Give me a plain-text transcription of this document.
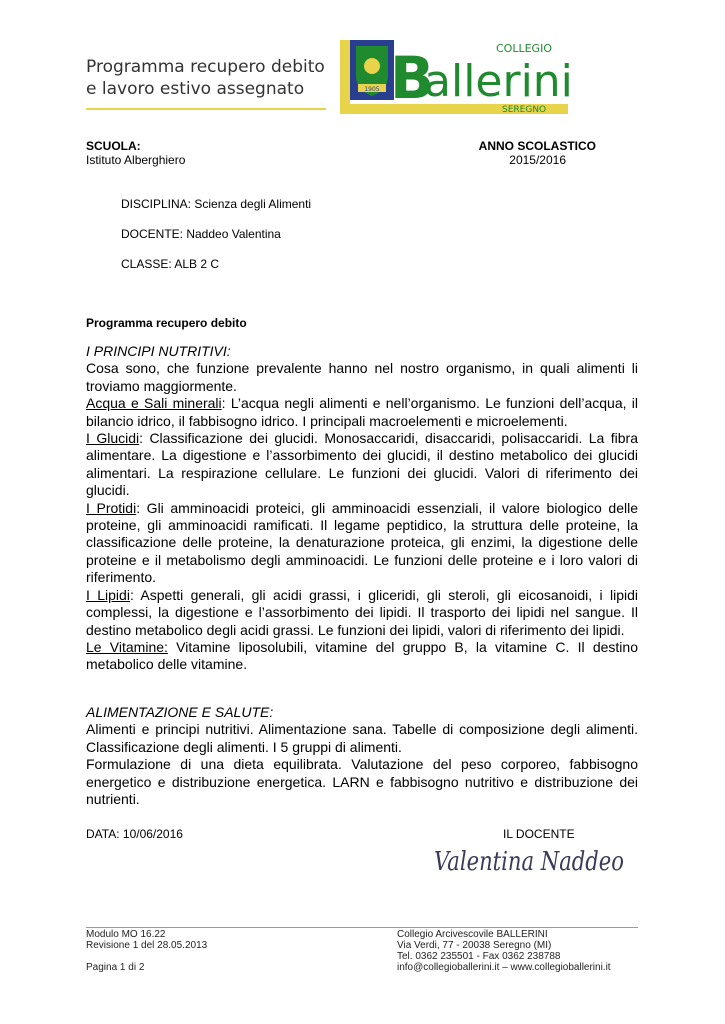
Programma recupero debito
e lavoro estivo assegnato	1905 B
allerini
COLLEGIO
SEREGNO
SCUOLA:
Istituto Alberghiero
ANNO SCOLASTICO
2015/2016
DISCIPLINA: Scienza degli Alimenti
DOCENTE: Naddeo Valentina
CLASSE: ALB 2 C
Programma recupero debito

I PRINCIPI NUTRITIVI:

Cosa sono, che funzione prevalente hanno nel nostro organismo, in quali alimenti li troviamo maggiormente.

Acqua e Sali minerali: L’acqua negli alimenti e nell’organismo. Le funzioni dell’acqua, il bilancio idrico, il fabbisogno idrico. I principali macroelementi e microelementi.

I Glucidi: Classificazione dei glucidi. Monosaccaridi, disaccaridi, polisaccaridi. La fibra alimentare. La digestione e l’assorbimento dei glucidi, il destino metabolico dei glucidi alimentari. La respirazione cellulare. Le funzioni dei glucidi. Valori di riferimento dei glucidi.

I Protidi: Gli amminoacidi proteici, gli amminoacidi essenziali, il valore biologico delle proteine, gli amminoacidi ramificati. Il legame peptidico, la struttura delle proteine, la classificazione delle proteine, la denaturazione proteica, gli enzimi, la digestione delle proteine e il metabolismo degli amminoacidi. Le funzioni delle proteine e i loro valori di riferimento.

I Lipidi: Aspetti generali, gli acidi grassi, i gliceridi, gli steroli, gli eicosanoidi, i lipidi complessi, la digestione e l’assorbimento dei lipidi. Il trasporto dei lipidi nel sangue. Il destino metabolico degli acidi grassi. Le funzioni dei lipidi, valori di riferimento dei lipidi.

Le Vitamine: Vitamine liposolubili, vitamine del gruppo B, la vitamine C. Il destino metabolico delle vitamine.

ALIMENTAZIONE E SALUTE:

Alimenti e principi nutritivi. Alimentazione sana. Tabelle di composizione degli alimenti. Classificazione degli alimenti. I 5 gruppi di alimenti.

Formulazione di una dieta equilibrata. Valutazione del peso corporeo, fabbisogno energetico e distribuzione energetica. LARN e fabbisogno nutritivo e distribuzione dei nutrienti.

DATA: 10/06/2016	IL DOCENTE
Valentina Naddeo
Modulo MO 16.22
Revisione 1 del 28.05.2013
Pagina 1 di 2
Collegio Arcivescovile BALLERINI
Via Verdi, 77 - 20038 Seregno (MI)
Tel. 0362 235501 - Fax 0362 238788
info@collegioballerini.it – www.collegioballerini.it
